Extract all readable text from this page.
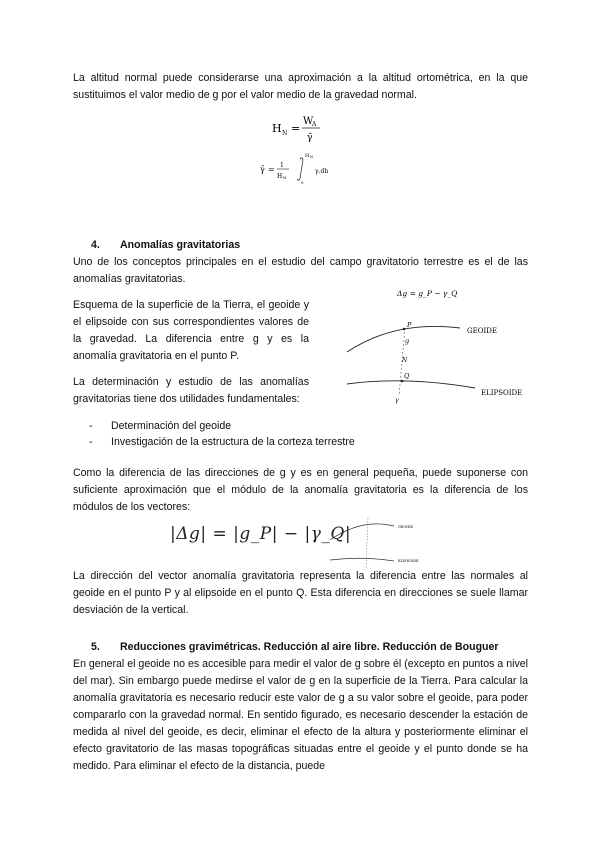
La altitud normal puede considerarse una aproximación a la altitud ortométrica, en la que sustituimos el valor medio de g por el valor medio de la gravedad normal.

H N =
W
A
γ̄
γ̄ = 1
H N
H N
0
γ.dh
4. Anomalías gravitatorias

Uno de los conceptos principales en el estudio del campo gravitatorio terrestre es el de las anomalías gravitatorias.

Esquema de la superficie de la Tierra, el geoide y el elipsoide con sus correspondientes valores de la gravedad. La diferencia entre g y es la anomalía gravitatoria en el punto P.

La determinación y estudio de las anomalías gravitatorias tiene dos utilidades fundamentales:

- Determinación del geoide
- Investigación de la estructura de la corteza terrestre
Δg = g_P − γ_Q
GEOIDE
ELIPSOIDE
P
g
N
Q
γ

Como la diferencia de las direcciones de g y es en general pequeña, puede suponerse con suficiente aproximación que el módulo de la anomalía gravitatoria es la diferencia de los módulos de los vectores:

|Δg| = |g_P| − |γ_Q|	GEOIDE
ELIPSOIDE

La dirección del vector anomalía gravitatoria representa la diferencia entre las normales al geoide en el punto P y al elipsoide en el punto Q. Esta diferencia en direcciones se suele llamar desviación de la vertical.

5. Reducciones gravimétricas. Reducción al aire libre. Reducción de Bouguer

En general el geoide no es accesible para medir el valor de g sobre él (excepto en puntos a nivel del mar). Sin embargo puede medirse el valor de g en la superficie de la Tierra. Para calcular la anomalía gravitatoria es necesario reducir este valor de g a su valor sobre el geoide, para poder compararlo con la gravedad normal. En sentido figurado, es necesario descender la estación de medida al nivel del geoide, es decir, eliminar el efecto de la altura y posteriormente eliminar el efecto gravitatorio de las masas topográficas situadas entre el geoide y el punto donde se ha medido. Para eliminar el efecto de la distancia, puede
